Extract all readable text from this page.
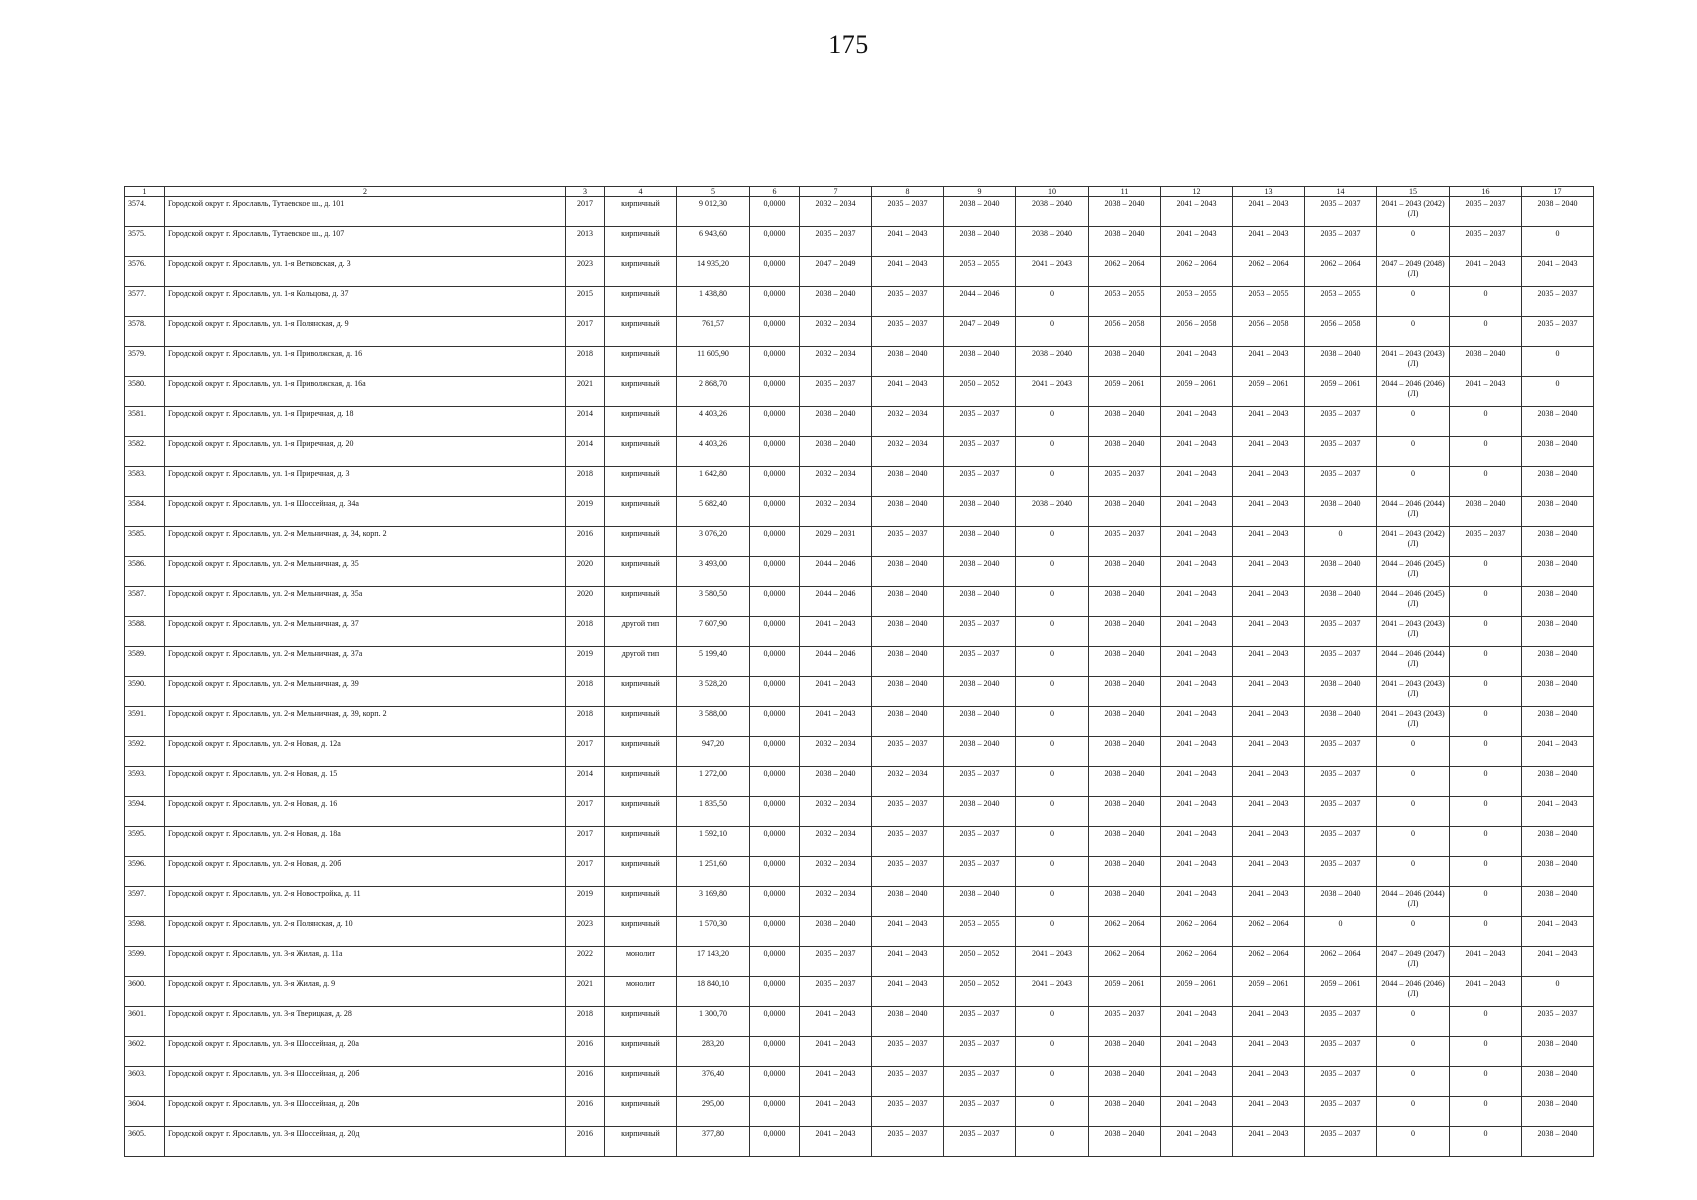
175
1	2	3	4	5	6	7	8	9	10	11	12	13	14	15	16	17
3574.	Городской округ г. Ярославль, Тутаевское ш., д. 101	2017	кирпичный	9 012,30	0,0000	2032 – 2034	2035 – 2037	2038 – 2040	2038 – 2040	2038 – 2040	2041 – 2043	2041 – 2043	2035 – 2037	2041 – 2043 (2042) (Л)	2035 – 2037	2038 – 2040
3575.	Городской округ г. Ярославль, Тутаевское ш., д. 107	2013	кирпичный	6 943,60	0,0000	2035 – 2037	2041 – 2043	2038 – 2040	2038 – 2040	2038 – 2040	2041 – 2043	2041 – 2043	2035 – 2037	0	2035 – 2037	0
3576.	Городской округ г. Ярославль, ул. 1-я Ветковская, д. 3	2023	кирпичный	14 935,20	0,0000	2047 – 2049	2041 – 2043	2053 – 2055	2041 – 2043	2062 – 2064	2062 – 2064	2062 – 2064	2062 – 2064	2047 – 2049 (2048) (Л)	2041 – 2043	2041 – 2043
3577.	Городской округ г. Ярославль, ул. 1-я Кольцова, д. 37	2015	кирпичный	1 438,80	0,0000	2038 – 2040	2035 – 2037	2044 – 2046	0	2053 – 2055	2053 – 2055	2053 – 2055	2053 – 2055	0	0	2035 – 2037
3578.	Городской округ г. Ярославль, ул. 1-я Полянская, д. 9	2017	кирпичный	761,57	0,0000	2032 – 2034	2035 – 2037	2047 – 2049	0	2056 – 2058	2056 – 2058	2056 – 2058	2056 – 2058	0	0	2035 – 2037
3579.	Городской округ г. Ярославль, ул. 1-я Приволжская, д. 16	2018	кирпичный	11 605,90	0,0000	2032 – 2034	2038 – 2040	2038 – 2040	2038 – 2040	2038 – 2040	2041 – 2043	2041 – 2043	2038 – 2040	2041 – 2043 (2043) (Л)	2038 – 2040	0
3580.	Городской округ г. Ярославль, ул. 1-я Приволжская, д. 16а	2021	кирпичный	2 868,70	0,0000	2035 – 2037	2041 – 2043	2050 – 2052	2041 – 2043	2059 – 2061	2059 – 2061	2059 – 2061	2059 – 2061	2044 – 2046 (2046) (Л)	2041 – 2043	0
3581.	Городской округ г. Ярославль, ул. 1-я Приречная, д. 18	2014	кирпичный	4 403,26	0,0000	2038 – 2040	2032 – 2034	2035 – 2037	0	2038 – 2040	2041 – 2043	2041 – 2043	2035 – 2037	0	0	2038 – 2040
3582.	Городской округ г. Ярославль, ул. 1-я Приречная, д. 20	2014	кирпичный	4 403,26	0,0000	2038 – 2040	2032 – 2034	2035 – 2037	0	2038 – 2040	2041 – 2043	2041 – 2043	2035 – 2037	0	0	2038 – 2040
3583.	Городской округ г. Ярославль, ул. 1-я Приречная, д. 3	2018	кирпичный	1 642,80	0,0000	2032 – 2034	2038 – 2040	2035 – 2037	0	2035 – 2037	2041 – 2043	2041 – 2043	2035 – 2037	0	0	2038 – 2040
3584.	Городской округ г. Ярославль, ул. 1-я Шоссейная, д. 34а	2019	кирпичный	5 682,40	0,0000	2032 – 2034	2038 – 2040	2038 – 2040	2038 – 2040	2038 – 2040	2041 – 2043	2041 – 2043	2038 – 2040	2044 – 2046 (2044) (Л)	2038 – 2040	2038 – 2040
3585.	Городской округ г. Ярославль, ул. 2-я Мельничная, д. 34, корп. 2	2016	кирпичный	3 076,20	0,0000	2029 – 2031	2035 – 2037	2038 – 2040	0	2035 – 2037	2041 – 2043	2041 – 2043	0	2041 – 2043 (2042) (Л)	2035 – 2037	2038 – 2040
3586.	Городской округ г. Ярославль, ул. 2-я Мельничная, д. 35	2020	кирпичный	3 493,00	0,0000	2044 – 2046	2038 – 2040	2038 – 2040	0	2038 – 2040	2041 – 2043	2041 – 2043	2038 – 2040	2044 – 2046 (2045) (Л)	0	2038 – 2040
3587.	Городской округ г. Ярославль, ул. 2-я Мельничная, д. 35а	2020	кирпичный	3 580,50	0,0000	2044 – 2046	2038 – 2040	2038 – 2040	0	2038 – 2040	2041 – 2043	2041 – 2043	2038 – 2040	2044 – 2046 (2045) (Л)	0	2038 – 2040
3588.	Городской округ г. Ярославль, ул. 2-я Мельничная, д. 37	2018	другой тип	7 607,90	0,0000	2041 – 2043	2038 – 2040	2035 – 2037	0	2038 – 2040	2041 – 2043	2041 – 2043	2035 – 2037	2041 – 2043 (2043) (Л)	0	2038 – 2040
3589.	Городской округ г. Ярославль, ул. 2-я Мельничная, д. 37а	2019	другой тип	5 199,40	0,0000	2044 – 2046	2038 – 2040	2035 – 2037	0	2038 – 2040	2041 – 2043	2041 – 2043	2035 – 2037	2044 – 2046 (2044) (Л)	0	2038 – 2040
3590.	Городской округ г. Ярославль, ул. 2-я Мельничная, д. 39	2018	кирпичный	3 528,20	0,0000	2041 – 2043	2038 – 2040	2038 – 2040	0	2038 – 2040	2041 – 2043	2041 – 2043	2038 – 2040	2041 – 2043 (2043) (Л)	0	2038 – 2040
3591.	Городской округ г. Ярославль, ул. 2-я Мельничная, д. 39, корп. 2	2018	кирпичный	3 588,00	0,0000	2041 – 2043	2038 – 2040	2038 – 2040	0	2038 – 2040	2041 – 2043	2041 – 2043	2038 – 2040	2041 – 2043 (2043) (Л)	0	2038 – 2040
3592.	Городской округ г. Ярославль, ул. 2-я Новая, д. 12а	2017	кирпичный	947,20	0,0000	2032 – 2034	2035 – 2037	2038 – 2040	0	2038 – 2040	2041 – 2043	2041 – 2043	2035 – 2037	0	0	2041 – 2043
3593.	Городской округ г. Ярославль, ул. 2-я Новая, д. 15	2014	кирпичный	1 272,00	0,0000	2038 – 2040	2032 – 2034	2035 – 2037	0	2038 – 2040	2041 – 2043	2041 – 2043	2035 – 2037	0	0	2038 – 2040
3594.	Городской округ г. Ярославль, ул. 2-я Новая, д. 16	2017	кирпичный	1 835,50	0,0000	2032 – 2034	2035 – 2037	2038 – 2040	0	2038 – 2040	2041 – 2043	2041 – 2043	2035 – 2037	0	0	2041 – 2043
3595.	Городской округ г. Ярославль, ул. 2-я Новая, д. 18а	2017	кирпичный	1 592,10	0,0000	2032 – 2034	2035 – 2037	2035 – 2037	0	2038 – 2040	2041 – 2043	2041 – 2043	2035 – 2037	0	0	2038 – 2040
3596.	Городской округ г. Ярославль, ул. 2-я Новая, д. 20б	2017	кирпичный	1 251,60	0,0000	2032 – 2034	2035 – 2037	2035 – 2037	0	2038 – 2040	2041 – 2043	2041 – 2043	2035 – 2037	0	0	2038 – 2040
3597.	Городской округ г. Ярославль, ул. 2-я Новостройка, д. 11	2019	кирпичный	3 169,80	0,0000	2032 – 2034	2038 – 2040	2038 – 2040	0	2038 – 2040	2041 – 2043	2041 – 2043	2038 – 2040	2044 – 2046 (2044) (Л)	0	2038 – 2040
3598.	Городской округ г. Ярославль, ул. 2-я Полянская, д. 10	2023	кирпичный	1 570,30	0,0000	2038 – 2040	2041 – 2043	2053 – 2055	0	2062 – 2064	2062 – 2064	2062 – 2064	0	0	0	2041 – 2043
3599.	Городской округ г. Ярославль, ул. 3-я Жилая, д. 11а	2022	монолит	17 143,20	0,0000	2035 – 2037	2041 – 2043	2050 – 2052	2041 – 2043	2062 – 2064	2062 – 2064	2062 – 2064	2062 – 2064	2047 – 2049 (2047) (Л)	2041 – 2043	2041 – 2043
3600.	Городской округ г. Ярославль, ул. 3-я Жилая, д. 9	2021	монолит	18 840,10	0,0000	2035 – 2037	2041 – 2043	2050 – 2052	2041 – 2043	2059 – 2061	2059 – 2061	2059 – 2061	2059 – 2061	2044 – 2046 (2046) (Л)	2041 – 2043	0
3601.	Городской округ г. Ярославль, ул. 3-я Тверицкая, д. 28	2018	кирпичный	1 300,70	0,0000	2041 – 2043	2038 – 2040	2035 – 2037	0	2035 – 2037	2041 – 2043	2041 – 2043	2035 – 2037	0	0	2035 – 2037
3602.	Городской округ г. Ярославль, ул. 3-я Шоссейная, д. 20а	2016	кирпичный	283,20	0,0000	2041 – 2043	2035 – 2037	2035 – 2037	0	2038 – 2040	2041 – 2043	2041 – 2043	2035 – 2037	0	0	2038 – 2040
3603.	Городской округ г. Ярославль, ул. 3-я Шоссейная, д. 20б	2016	кирпичный	376,40	0,0000	2041 – 2043	2035 – 2037	2035 – 2037	0	2038 – 2040	2041 – 2043	2041 – 2043	2035 – 2037	0	0	2038 – 2040
3604.	Городской округ г. Ярославль, ул. 3-я Шоссейная, д. 20в	2016	кирпичный	295,00	0,0000	2041 – 2043	2035 – 2037	2035 – 2037	0	2038 – 2040	2041 – 2043	2041 – 2043	2035 – 2037	0	0	2038 – 2040
3605.	Городской округ г. Ярославль, ул. 3-я Шоссейная, д. 20д	2016	кирпичный	377,80	0,0000	2041 – 2043	2035 – 2037	2035 – 2037	0	2038 – 2040	2041 – 2043	2041 – 2043	2035 – 2037	0	0	2038 – 2040
